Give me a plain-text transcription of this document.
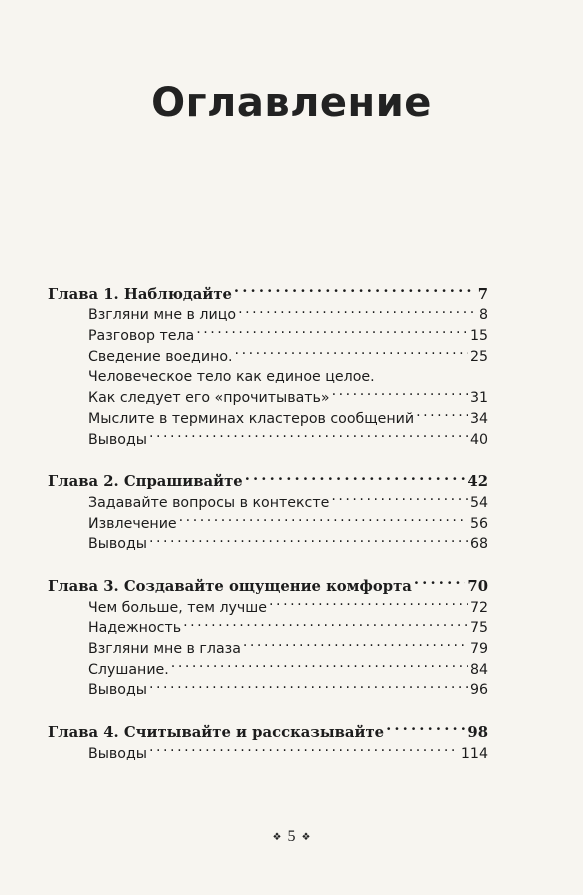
Оглавление
Глава 1. Наблюдайте . . .	7
Взгляни мне в лицо . . .	8
Разговор тела . . .	15
Сведение воедино. . . .	25
Человеческое тело как единое целое.
Как следует его «прочитывать» . . .	31
Мыслите в терминах кластеров сообщений . . .	34
Выводы . . .	40
Глава 2. Спрашивайте . . .	42
Задавайте вопросы в контексте . . .	54
Извлечение . . .	56
Выводы . . .	68
Глава 3. Создавайте ощущение комфорта . . .	70
Чем больше, тем лучше . . .	72
Надежность . . .	75
Взгляни мне в глаза . . .	79
Слушание. . . .	84
Выводы . . .	96
Глава 4. Считывайте и рассказывайте . . .	98
Выводы . . .	114
❖ 5 ❖
